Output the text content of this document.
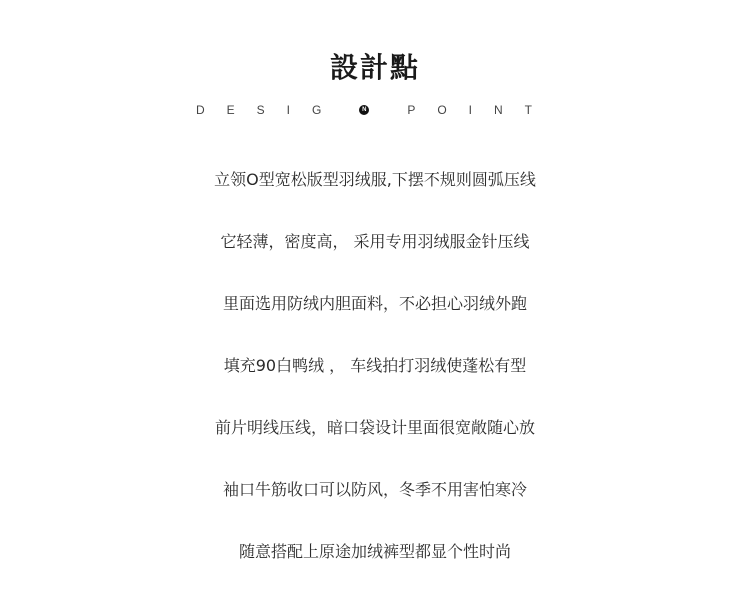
設計點
DESIG	N	POINT
立领O型宽松版型羽绒服,下摆不规则圆弧压线
它轻薄，密度高， 采用专用羽绒服金针压线
里面选用防绒内胆面料，不必担心羽绒外跑
填充90白鸭绒 ， 车线拍打羽绒使蓬松有型
前片明线压线，暗口袋设计里面很宽敞随心放
袖口牛筋收口可以防风，冬季不用害怕寒冷
随意搭配上原途加绒裤型都显个性时尚
